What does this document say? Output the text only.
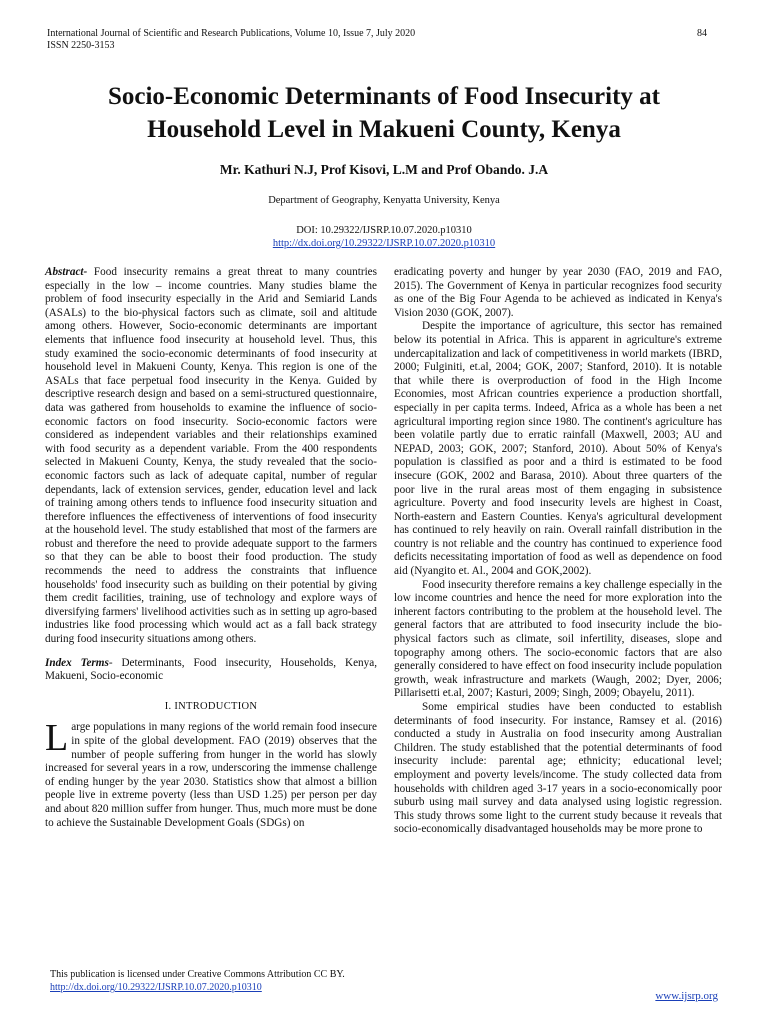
International Journal of Scientific and Research Publications, Volume 10, Issue 7, July 2020
ISSN 2250-3153
84
Socio-Economic Determinants of Food Insecurity at
Household Level in Makueni County, Kenya
Mr. Kathuri N.J, Prof Kisovi, L.M and Prof Obando. J.A
Department of Geography, Kenyatta University, Kenya
DOI: 10.29322/IJSRP.10.07.2020.p10310
http://dx.doi.org/10.29322/IJSRP.10.07.2020.p10310

Abstract- Food insecurity remains a great threat to many countries especially in the low – income countries. Many studies blame the problem of food insecurity especially in the Arid and Semiarid Lands (ASALs) to the bio-physical factors such as climate, soil and altitude among others. However, Socio-economic determinants are important elements that influence food insecurity at household level. Thus, this study examined the socio-economic determinants of food insecurity at household level in Makueni County, Kenya. This region is one of the ASALs that face perpetual food insecurity in the Kenya. Guided by descriptive research design and based on a semi-structured questionnaire, data was gathered from households to examine the influence of socio-economic factors on food insecurity. Socio-economic factors were considered as independent variables and their relationships examined with food security as a dependent variable. From the 400 respondents selected in Makueni County, Kenya, the study revealed that the socio-economic factors such as lack of adequate capital, number of regular dependants, lack of extension services, gender, education level and lack of training among others tends to influence food insecurity situation and therefore influences the effectiveness of interventions of food insecurity at the household level. The study established that most of the farmers are robust and therefore the need to provide adequate support to the farmers so that they can be able to boost their food production. The study recommends the need to address the constraints that influence households' food insecurity such as building on their potential by giving them credit facilities, training, use of technology and explore ways of diversifying farmers' livelihood activities such as in setting up agro-based industries like food processing which would act as a fall back strategy during food insecurity situations among others.

Index Terms- Determinants, Food insecurity, Households, Kenya, Makueni, Socio-economic

I. INTRODUCTION

Large populations in many regions of the world remain food insecure in spite of the global development. FAO (2019) observes that the number of people suffering from hunger in the world has slowly increased for several years in a row, underscoring the immense challenge of ending hunger by the year 2030. Statistics show that almost a billion people live in extreme poverty (less than USD 1.25) per person per day and about 820 million suffer from hunger. Thus, much more must be done to achieve the Sustainable Development Goals (SDGs) on

eradicating poverty and hunger by year 2030 (FAO, 2019 and FAO, 2015). The Government of Kenya in particular recognizes food security as one of the Big Four Agenda to be achieved as indicated in Kenya's Vision 2030 (GOK, 2007).

Despite the importance of agriculture, this sector has remained below its potential in Africa. This is apparent in agriculture's extreme undercapitalization and lack of competitiveness in world markets (IBRD, 2000; Fulginiti, et.al, 2004; GOK, 2007; Stanford, 2010). It is notable that while there is overproduction of food in the High Income Economies, most African countries experience a production shortfall, especially in per capita terms. Indeed, Africa as a whole has been a net agricultural importing region since 1980. The continent's agriculture has been volatile partly due to erratic rainfall (Maxwell, 2003; AU and NEPAD, 2003; GOK, 2007; Stanford, 2010). About 50% of Kenya's population is classified as poor and a third is estimated to be food insecure (GOK, 2002 and Barasa, 2010). About three quarters of the poor live in the rural areas most of them engaging in subsistence agriculture. Poverty and food insecurity levels are highest in Coast, North-eastern and Eastern Counties. Kenya's agricultural development has continued to rely heavily on rain. Overall rainfall distribution in the country is not reliable and the country has continued to experience food deficits necessitating importation of food as well as dependence on food aid (Nyangito et. Al., 2004 and GOK,2002).

Food insecurity therefore remains a key challenge especially in the low income countries and hence the need for more exploration into the inherent factors contributing to the problem at the household level. The general factors that are attributed to food insecurity include the bio-physical factors such as climate, soil infertility, diseases, slope and topography among others. The socio-economic factors that are also generally considered to have effect on food insecurity include population growth, weak infrastructure and markets (Waugh, 2002; Dyer, 2006; Pillarisetti et.al, 2007; Kasturi, 2009; Singh, 2009; Obayelu, 2011).

Some empirical studies have been conducted to establish determinants of food insecurity. For instance, Ramsey et al. (2016) conducted a study in Australia on food insecurity among Australian Children. The study established that the potential determinants of food insecurity include: parental age; ethnicity; educational level; employment and poverty levels/income. The study collected data from households with children aged 3-17 years in a socio-economically poor suburb using mail survey and data analysed using logistic regression. This study throws some light to the current study because it reveals that socio-economically disadvantaged households may be more prone to

This publication is licensed under Creative Commons Attribution CC BY.
http://dx.doi.org/10.29322/IJSRP.10.07.2020.p10310
www.ijsrp.org
